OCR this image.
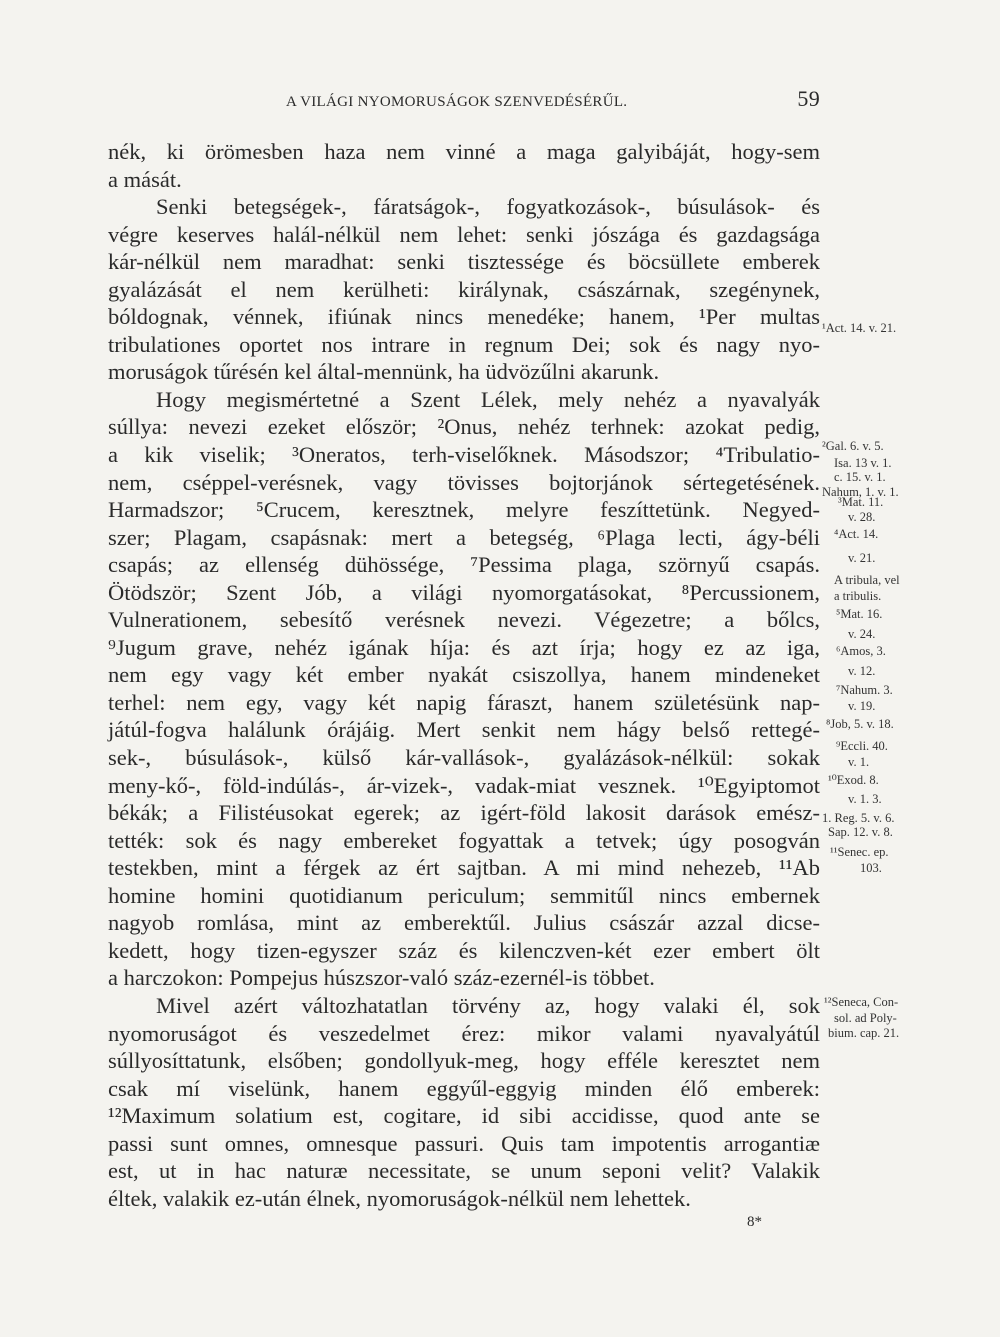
A VILÁGI NYOMORUSÁGOK SZENVEDÉSÉRŰL.	59
nék, ki örömesben haza nem vinné a maga galyibáját, hogy-sem
a mását.
Senki betegségek-, fáratságok-, fogyatkozások-, búsulások- és
végre keserves halál-nélkül nem lehet: senki jószága és gazdagsága
kár-nélkül nem maradhat: senki tisztessége és böcsüllete emberek
gyalázását el nem kerülheti: királynak, császárnak, szegénynek,
bóldognak, vénnek, ifiúnak nincs menedéke; hanem, ¹Per multas
tribulationes oportet nos intrare in regnum Dei; sok és nagy nyo-
moruságok tűrésén kel által-mennünk, ha üdvözűlni akarunk.
Hogy megismértetné a Szent Lélek, mely nehéz a nyavalyák
súllya: nevezi ezeket először; ²Onus, nehéz terhnek: azokat pedig,
a kik viselik; ³Oneratos, terh-viselőknek. Másodszor; ⁴Tribulatio-
nem, cséppel-verésnek, vagy tövisses bojtorjánok sértegetésének.
Harmadszor; ⁵Crucem, keresztnek, melyre feszíttetünk. Negyed-
szer; Plagam, csapásnak: mert a betegség, ⁶Plaga lecti, ágy-béli
csapás; az ellenség dühössége, ⁷Pessima plaga, szörnyű csapás.
Ötödször; Szent Jób, a világi nyomorgatásokat, ⁸Percussionem,
Vulnerationem, sebesítő verésnek nevezi. Végezetre; a bőlcs,
⁹Jugum grave, nehéz igának híja: és azt írja; hogy ez az iga,
nem egy vagy két ember nyakát csiszollya, hanem mindeneket
terhel: nem egy, vagy két napig fáraszt, hanem születésünk nap-
játúl-fogva halálunk órájáig. Mert senkit nem hágy belső rettegé-
sek-, búsulások-, külső kár-vallások-, gyalázások-nélkül: sokak
meny-kő-, föld-indúlás-, ár-vizek-, vadak-miat vesznek. ¹⁰Egyiptomot
békák; a Filistéusokat egerek; az igért-föld lakosit darások emész-
tették: sok és nagy embereket fogyattak a tetvek; úgy posogván
testekben, mint a férgek az ért sajtban. A mi mind nehezeb, ¹¹Ab
homine homini quotidianum periculum; semmitűl nincs embernek
nagyob romlása, mint az emberektűl. Julius császár azzal dicse-
kedett, hogy tizen-egyszer száz és kilenczven-két ezer embert ölt
a harczokon: Pompejus húszszor-való száz-ezernél-is többet.
Mivel azért változhatatlan törvény az, hogy valaki él, sok
nyomoruságot és veszedelmet érez: mikor valami nyavalyátúl
súllyosíttatunk, elsőben; gondollyuk-meg, hogy efféle keresztet nem
csak mí viselünk, hanem eggyűl-eggyig minden élő emberek:
¹²Maximum solatium est, cogitare, id sibi accidisse, quod ante se
passi sunt omnes, omnesque passuri. Quis tam impotentis arrogantiæ
est, ut in hac naturæ necessitate, se unum seponi velit? Valakik
éltek, valakik ez-után élnek, nyomoruságok-nélkül nem lehettek.
¹Act. 14. v. 21.
²Gal. 6. v. 5.
Isa. 13 v. 1.
c. 15. v. 1.
Nahum, 1. v. 1.
³Mat. 11.
v. 28.
⁴Act. 14.
v. 21.
A tribula, vel
a tribulis.
⁵Mat. 16.
v. 24.
⁶Amos, 3.
v. 12.
⁷Nahum. 3.
v. 19.
⁸Job, 5. v. 18.
⁹Eccli. 40.
v. 1.
¹⁰Exod. 8.
v. 1. 3.
1. Reg. 5. v. 6.
Sap. 12. v. 8.
¹¹Senec. ep.
103.
¹²Seneca, Con-
sol. ad Poly-
bium. cap. 21.
8*
